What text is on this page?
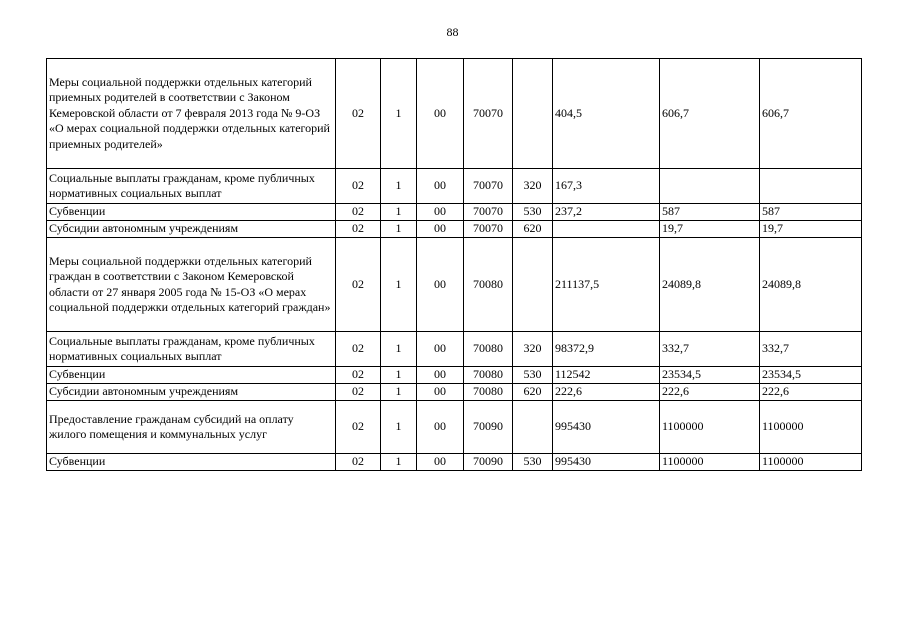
88
Меры социальной поддержки отдельных категорий приемных родителей в соответствии с Законом Кемеровской области от 7 февраля 2013 года № 9-ОЗ «О мерах социальной поддержки отдельных категорий приемных родителей»	02	1	00	70070		404,5	606,7	606,7
Социальные выплаты гражданам, кроме публичных нормативных социальных выплат	02	1	00	70070	320	167,3		
Субвенции	02	1	00	70070	530	237,2	587	587
Субсидии автономным учреждениям	02	1	00	70070	620		19,7	19,7
Меры социальной поддержки отдельных категорий граждан в соответствии с Законом Кемеровской области от 27 января 2005 года № 15-ОЗ «О мерах социальной поддержки отдельных категорий граждан»	02	1	00	70080		211137,5	24089,8	24089,8
Социальные выплаты гражданам, кроме публичных нормативных социальных выплат	02	1	00	70080	320	98372,9	332,7	332,7
Субвенции	02	1	00	70080	530	112542	23534,5	23534,5
Субсидии автономным учреждениям	02	1	00	70080	620	222,6	222,6	222,6
Предоставление гражданам субсидий на оплату жилого помещения и коммунальных услуг	02	1	00	70090		995430	1100000	1100000
Субвенции	02	1	00	70090	530	995430	1100000	1100000
